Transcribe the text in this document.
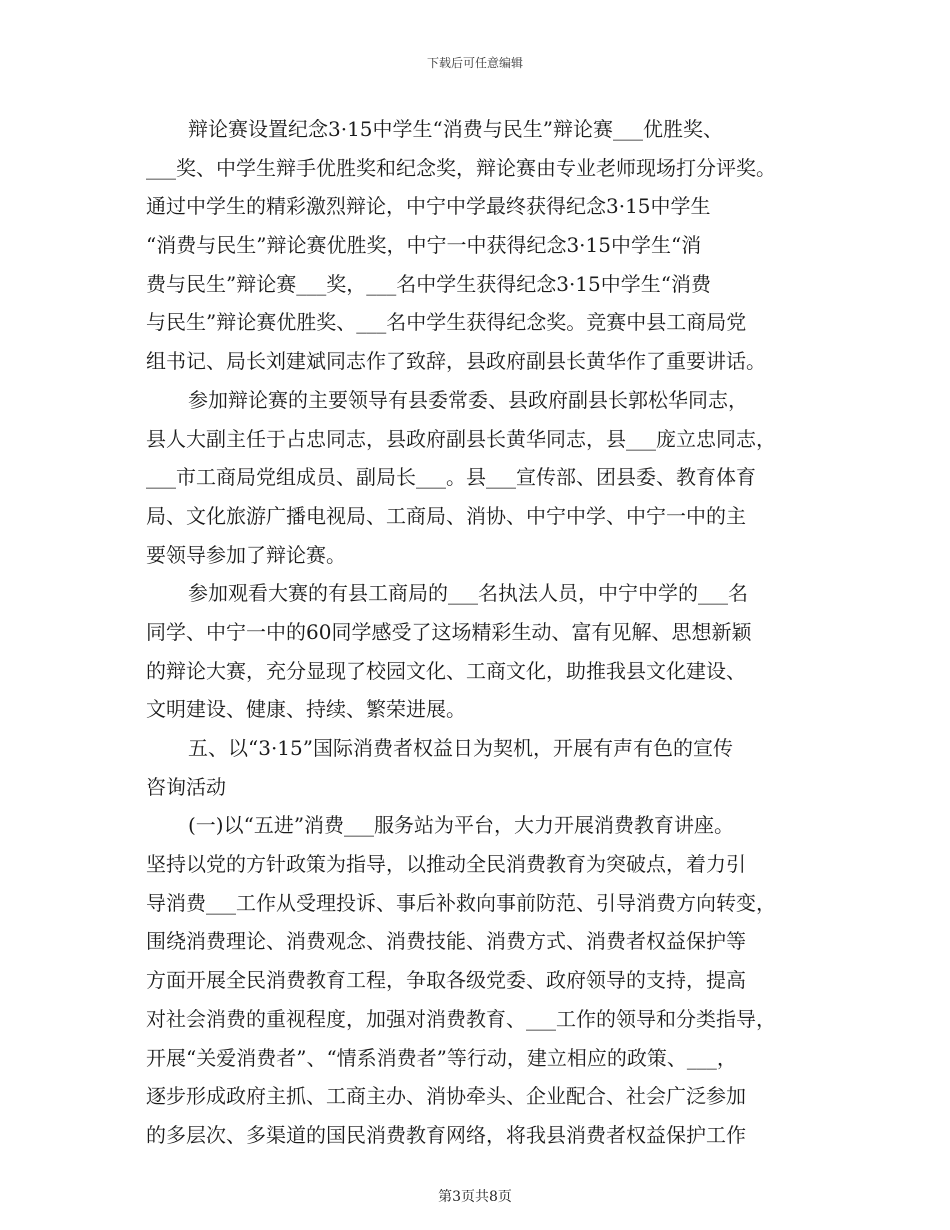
下载后可任意编辑
辩论赛设置纪念3·15中学生“消费与民生”辩论赛___优胜奖、
___奖、中学生辩手优胜奖和纪念奖，辩论赛由专业老师现场打分评奖。
通过中学生的精彩激烈辩论，中宁中学最终获得纪念3·15中学生
“消费与民生”辩论赛优胜奖，中宁一中获得纪念3·15中学生“消
费与民生”辩论赛___奖，___名中学生获得纪念3·15中学生“消费
与民生”辩论赛优胜奖、___名中学生获得纪念奖。竞赛中县工商局党
组书记、局长刘建斌同志作了致辞，县政府副县长黄华作了重要讲话。
参加辩论赛的主要领导有县委常委、县政府副县长郭松华同志，
县人大副主任于占忠同志，县政府副县长黄华同志，县___庞立忠同志，
___市工商局党组成员、副局长___。县___宣传部、团县委、教育体育
局、文化旅游广播电视局、工商局、消协、中宁中学、中宁一中的主
要领导参加了辩论赛。
参加观看大赛的有县工商局的___名执法人员，中宁中学的___名
同学、中宁一中的60同学感受了这场精彩生动、富有见解、思想新颖
的辩论大赛，充分显现了校园文化、工商文化，助推我县文化建设、
文明建设、健康、持续、繁荣进展。
五、以“3·15”国际消费者权益日为契机，开展有声有色的宣传
咨询活动
(一)以“五进”消费___服务站为平台，大力开展消费教育讲座。
坚持以党的方针政策为指导，以推动全民消费教育为突破点，着力引
导消费___工作从受理投诉、事后补救向事前防范、引导消费方向转变，
围绕消费理论、消费观念、消费技能、消费方式、消费者权益保护等
方面开展全民消费教育工程，争取各级党委、政府领导的支持，提高
对社会消费的重视程度，加强对消费教育、___工作的领导和分类指导，
开展“关爱消费者”、“情系消费者”等行动，建立相应的政策、___，
逐步形成政府主抓、工商主办、消协牵头、企业配合、社会广泛参加
的多层次、多渠道的国民消费教育网络，将我县消费者权益保护工作
第3页共8页
